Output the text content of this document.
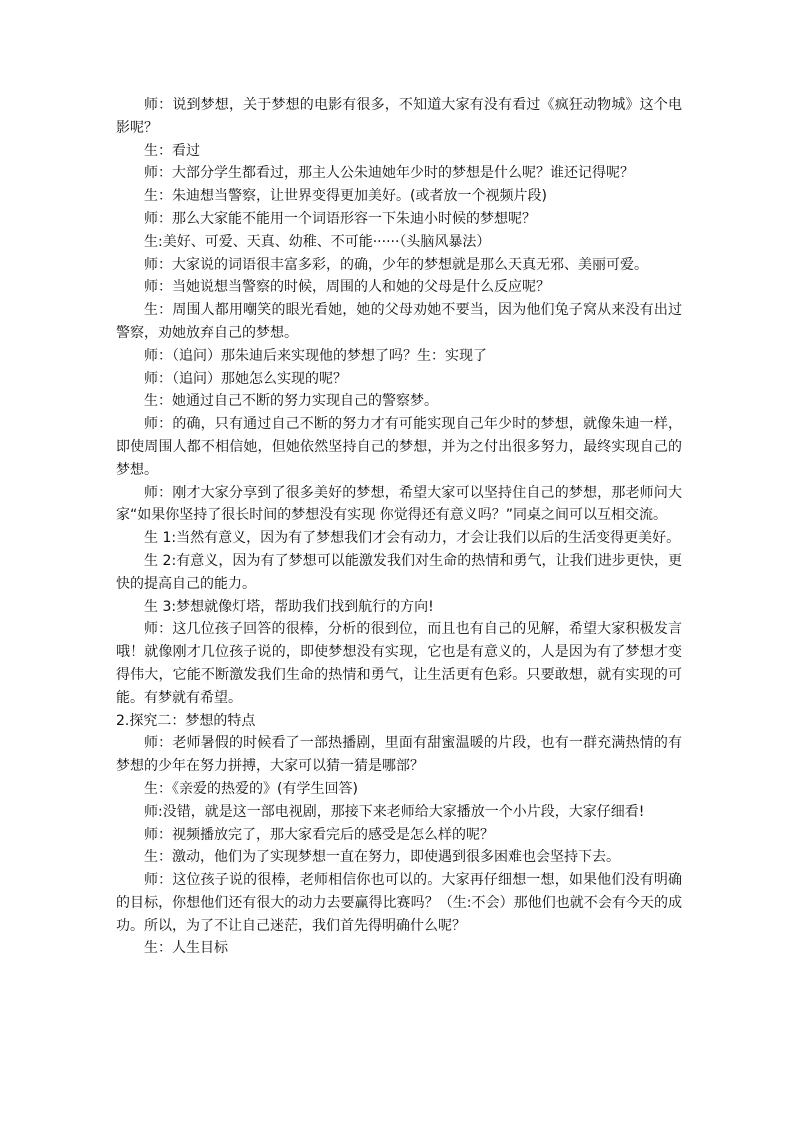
师：说到梦想，关于梦想的电影有很多，不知道大家有没有看过《疯狂动物城》这个电影呢？

生：看过

师：大部分学生都看过，那主人公朱迪她年少时的梦想是什么呢？谁还记得呢？

生：朱迪想当警察，让世界变得更加美好。(或者放一个视频片段)

师：那么大家能不能用一个词语形容一下朱迪小时候的梦想呢？

生:美好、可爱、天真、幼稚、不可能······（头脑风暴法）

师：大家说的词语很丰富多彩，的确，少年的梦想就是那么天真无邪、美丽可爱。

师：当她说想当警察的时候，周围的人和她的父母是什么反应呢？

生：周围人都用嘲笑的眼光看她，她的父母劝她不要当，因为他们兔子窝从来没有出过警察，劝她放弃自己的梦想。

师：（追问）那朱迪后来实现他的梦想了吗？生：实现了

师：（追问）那她怎么实现的呢？

生：她通过自己不断的努力实现自己的警察梦。

师：的确，只有通过自己不断的努力才有可能实现自己年少时的梦想，就像朱迪一样，即使周围人都不相信她，但她依然坚持自己的梦想，并为之付出很多努力，最终实现自己的梦想。

师：刚才大家分享到了很多美好的梦想，希望大家可以坚持住自己的梦想，那老师问大家“如果你坚持了很长时间的梦想没有实现 你觉得还有意义吗？”同桌之间可以互相交流。

生 1:当然有意义，因为有了梦想我们才会有动力，才会让我们以后的生活变得更美好。

生 2:有意义，因为有了梦想可以能激发我们对生命的热情和勇气，让我们进步更快，更快的提高自己的能力。

生 3:梦想就像灯塔，帮助我们找到航行的方向!

师：这几位孩子回答的很棒，分析的很到位，而且也有自己的见解，希望大家积极发言哦！就像刚才几位孩子说的，即使梦想没有实现，它也是有意义的，人是因为有了梦想才变得伟大，它能不断激发我们生命的热情和勇气，让生活更有色彩。只要敢想，就有实现的可能。有梦就有希望。

2.探究二：梦想的特点

师：老师暑假的时候看了一部热播剧，里面有甜蜜温暖的片段，也有一群充满热情的有梦想的少年在努力拼搏，大家可以猜一猜是哪部？

生：《亲爱的热爱的》(有学生回答)

师:没错，就是这一部电视剧，那接下来老师给大家播放一个小片段，大家仔细看!

师：视频播放完了，那大家看完后的感受是怎么样的呢？

生：激动，他们为了实现梦想一直在努力，即使遇到很多困难也会坚持下去。

师：这位孩子说的很棒，老师相信你也可以的。大家再仔细想一想，如果他们没有明确的目标，你想他们还有很大的动力去要赢得比赛吗？（生:不会）那他们也就不会有今天的成功。所以，为了不让自己迷茫，我们首先得明确什么呢？

生：人生目标
